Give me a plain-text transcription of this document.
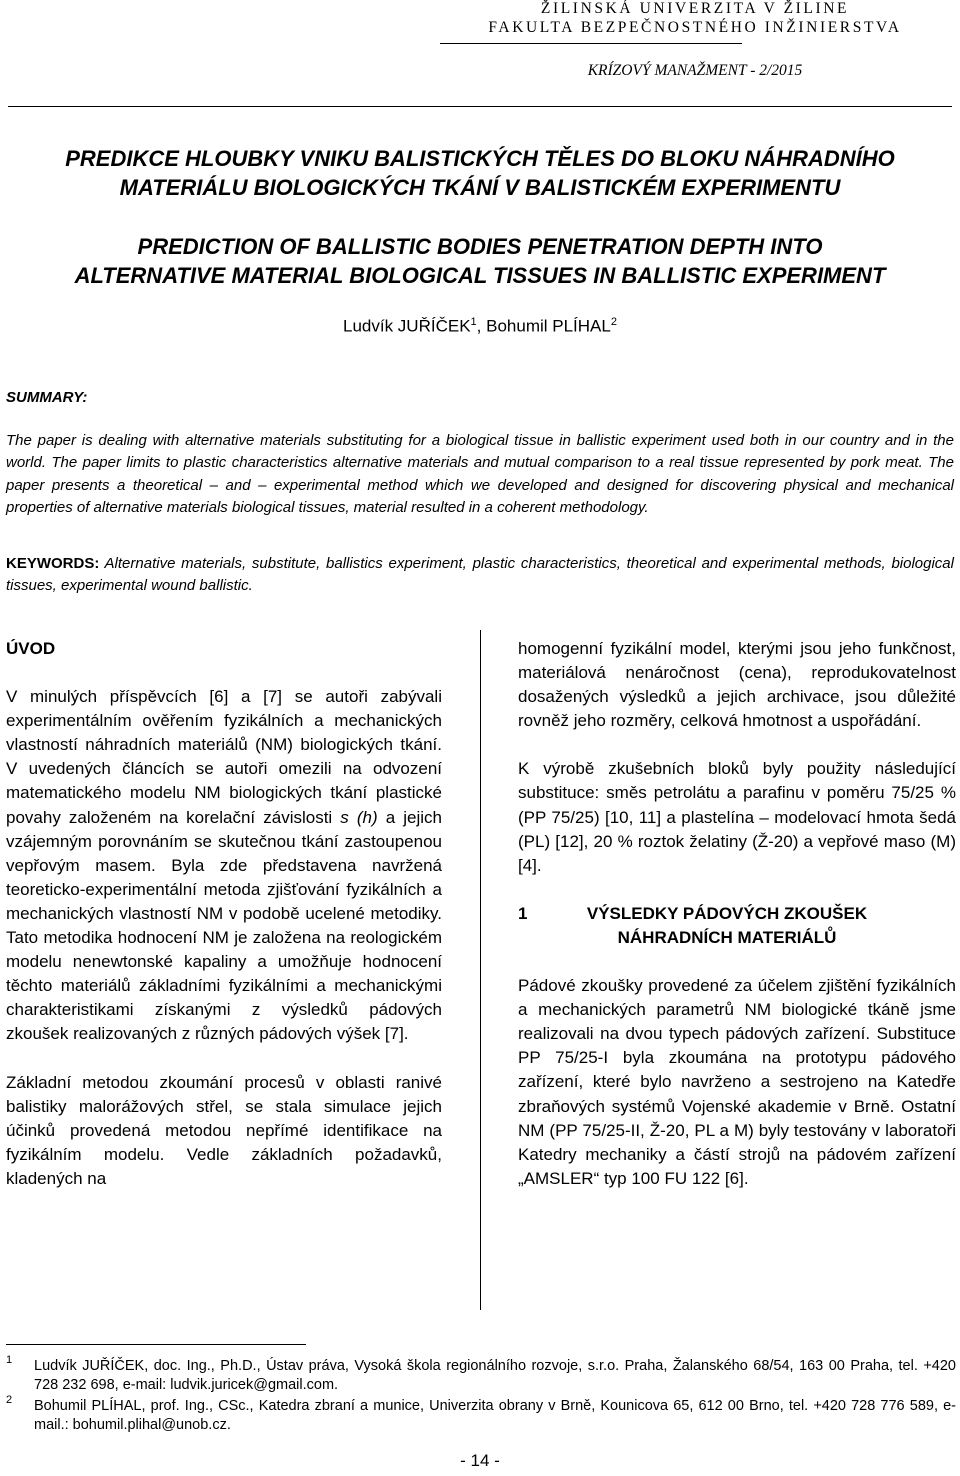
ŽILINSKÁ UNIVERZITA V ŽILINE
FAKULTA BEZPEČNOSTNÉHO INŽINIERSTVA
KRÍZOVÝ MANAŽMENT - 2/2015
PREDIKCE HLOUBKY VNIKU BALISTICKÝCH TĚLES DO BLOKU NÁHRADNÍHO
MATERIÁLU BIOLOGICKÝCH TKÁNÍ V BALISTICKÉM EXPERIMENTU
PREDICTION OF BALLISTIC BODIES PENETRATION DEPTH INTO
ALTERNATIVE MATERIAL BIOLOGICAL TISSUES IN BALLISTIC EXPERIMENT
Ludvík JUŘÍČEK$^1$, Bohumil PLÍHAL$^2$
SUMMARY:
The paper is dealing with alternative materials substituting for a biological tissue in ballistic experiment used both in our country and in the world. The paper limits to plastic characteristics alternative materials and mutual comparison to a real tissue represented by pork meat. The paper presents a theoretical – and – experimental method which we developed and designed for discovering physical and mechanical properties of alternative materials biological tissues, material resulted in a coherent methodology.
KEYWORDS: Alternative materials, substitute, ballistics experiment, plastic characteristics, theoretical and experimental methods, biological tissues, experimental wound ballistic.

ÚVOD

V minulých příspěvcích [6] a [7] se autoři zabývali experimentálním ověřením fyzikálních a mechanických vlastností náhradních materiálů (NM) biologických tkání. V uvedených článcích se autoři omezili na odvození matematického modelu NM biologických tkání plastické povahy založeném na korelační závislosti s (h) a jejich vzájemným porovnáním se skutečnou tkání zastoupenou vepřovým masem. Byla zde představena navržená teoreticko-experimentální metoda zjišťování fyzikálních a mechanických vlastností NM v podobě ucelené metodiky. Tato metodika hodnocení NM je založena na reologickém modelu nenewtonské kapaliny a umožňuje hodnocení těchto materiálů základními fyzikálními a mechanickými charakteristikami získanými z výsledků pádových zkoušek realizovaných z různých pádových výšek [7].

Základní metodou zkoumání procesů v oblasti ranivé balistiky malorážových střel, se stala simulace jejich účinků provedená metodou nepřímé identifikace na fyzikálním modelu. Vedle základních požadavků, kladených na

homogenní fyzikální model, kterými jsou jeho funkčnost, materiálová nenáročnost (cena), reprodukovatelnost dosažených výsledků a jejich archivace, jsou důležité rovněž jeho rozměry, celková hmotnost a uspořádání.

K výrobě zkušebních bloků byly použity následující substituce: směs petrolátu a parafinu v poměru 75/25 % (PP 75/25) [10, 11] a plastelína – modelovací hmota šedá (PL) [12], 20 % roztok želatiny (Ž-20) a vepřové maso (M) [4].

1	VÝSLEDKY PÁDOVÝCH ZKOUŠEK NÁHRADNÍCH MATERIÁLŮ

Pádové zkoušky provedené za účelem zjištění fyzikálních a mechanických parametrů NM biologické tkáně jsme realizovali na dvou typech pádových zařízení. Substituce PP 75/25-I byla zkoumána na prototypu pádového zařízení, které bylo navrženo a sestrojeno na Katedře zbraňových systémů Vojenské akademie v Brně. Ostatní NM (PP 75/25-II, Ž-20, PL a M) byly testovány v laboratoři Katedry mechaniky a částí strojů na pádovém zařízení „AMSLER“ typ 100 FU 122 [6].

1 Ludvík JUŘÍČEK, doc. Ing., Ph.D., Ústav práva, Vysoká škola regionálního rozvoje, s.r.o. Praha, Žalanského 68/54, 163 00 Praha, tel. +420 728 232 698, e-mail: ludvik.juricek@gmail.com.
2 Bohumil PLÍHAL, prof. Ing., CSc., Katedra zbraní a munice, Univerzita obrany v Brně, Kounicova 65, 612 00 Brno, tel. +420 728 776 589, e-mail.: bohumil.plihal@unob.cz.
- 14 -
